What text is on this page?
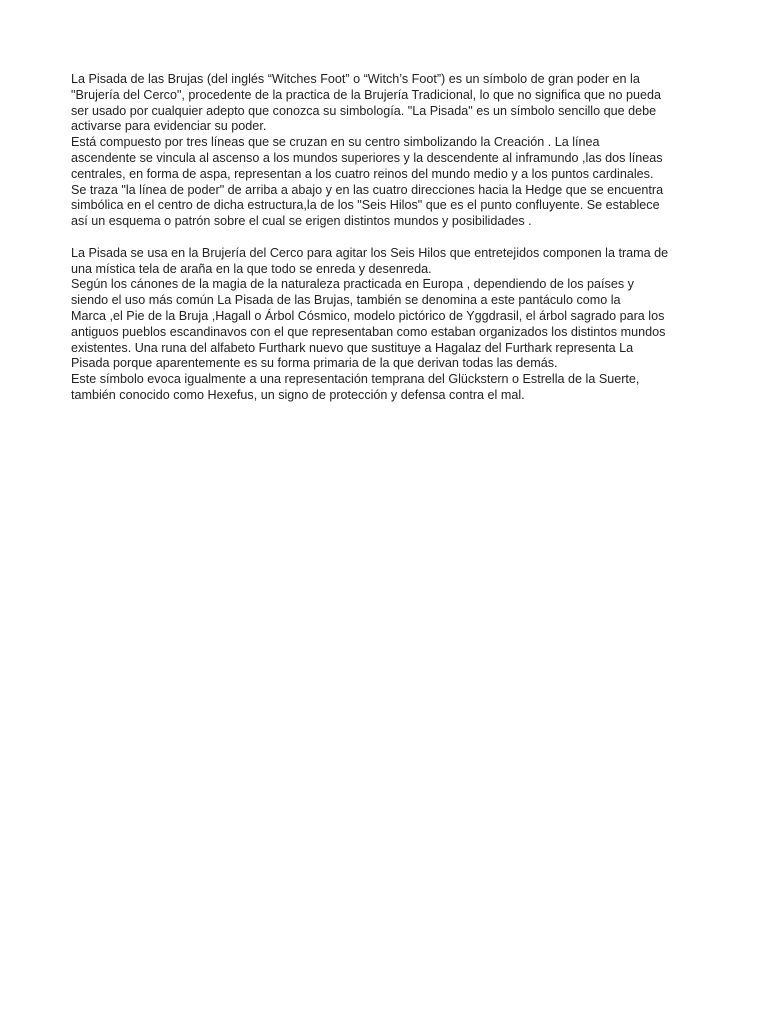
La Pisada de las Brujas (del inglés “Witches Foot” o “Witch’s Foot”) es un símbolo de gran poder en la

"Brujería del Cerco", procedente de la practica de la Brujería Tradicional, lo que no significa que no pueda

ser usado por cualquier adepto que conozca su simbología. "La Pisada" es un símbolo sencillo que debe

activarse para evidenciar su poder.

Está compuesto por tres líneas que se cruzan en su centro simbolizando la Creación . La línea

ascendente se vincula al ascenso a los mundos superiores y la descendente al inframundo ,las dos líneas

centrales, en forma de aspa, representan a los cuatro reinos del mundo medio y a los puntos cardinales.

Se traza "la línea de poder" de arriba a abajo y en las cuatro direcciones hacia la Hedge que se encuentra

simbólica en el centro de dicha estructura,la de los "Seis Hilos" que es el punto confluyente. Se establece

así un esquema o patrón sobre el cual se erigen distintos mundos y posibilidades .

La Pisada se usa en la Brujería del Cerco para agitar los Seis Hilos que entretejidos componen la trama de

una mística tela de araña en la que todo se enreda y desenreda.

Según los cánones de la magia de la naturaleza practicada en Europa , dependiendo de los países y

siendo el uso más común La Pisada de las Brujas, también se denomina a este pantáculo como la

Marca ,el Pie de la Bruja ,Hagall o Árbol Cósmico, modelo pictórico de Yggdrasil, el árbol sagrado para los

antiguos pueblos escandinavos con el que representaban como estaban organizados los distintos mundos

existentes. Una runa del alfabeto Furthark nuevo que sustituye a Hagalaz del Furthark representa La

Pisada porque aparentemente es su forma primaria de la que derivan todas las demás.

Este símbolo evoca igualmente a una representación temprana del Glückstern o Estrella de la Suerte,

también conocido como Hexefus, un signo de protección y defensa contra el mal.
